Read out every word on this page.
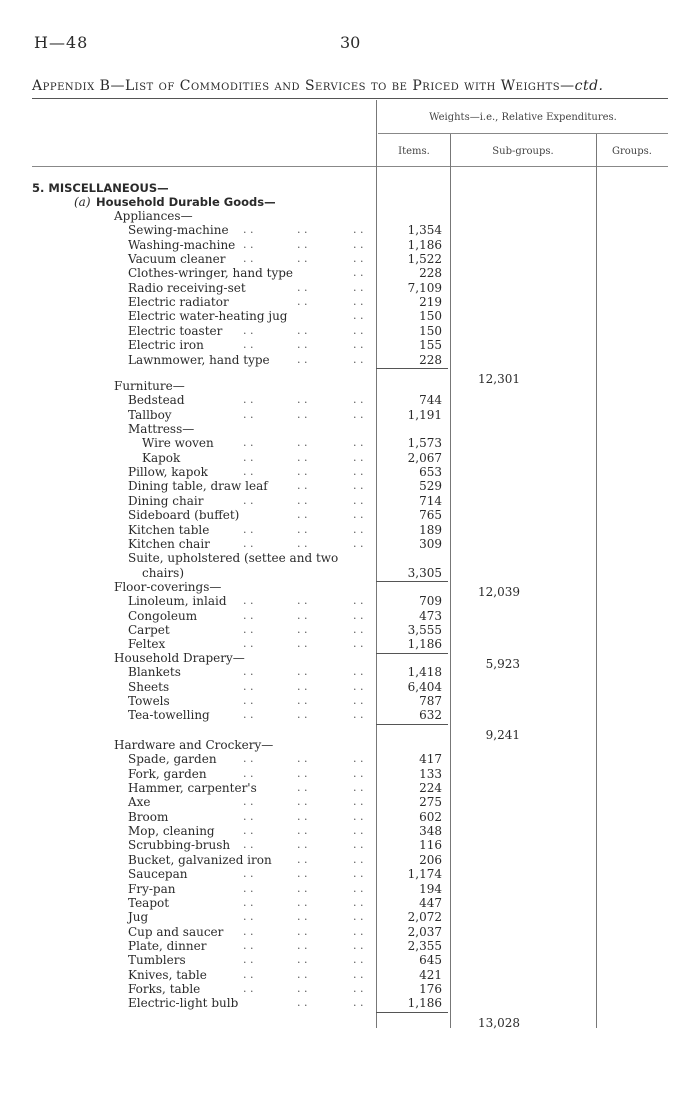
H—48	30
Appendix B—List of Commodities and Services to be Priced with Weights—ctd.
Weights—i.e., Relative Expenditures.
Items.	Sub-groups.	Groups.
5. MISCELLANEOUS—
(a) Household Durable Goods—
Appliances—
Sewing-machine . .	. .	. .	1,354
Washing-machine . .	. .	. .	1,186
Vacuum cleaner . .	. .	. .	1,522
Clothes-wringer, hand type	. .	228
Radio receiving-set	. .	. .	7,109
Electric radiator	. .	. .	219
Electric water-heating jug	. .	150
Electric toaster . .	. .	. .	150
Electric iron	. .	. .	. .	155
Lawnmower, hand type . .	. .	228
12,301
Furniture—
Bedstead	. .	. .	. .	744
Tallboy	. .	. .	. .	1,191
Mattress—
Wire woven	. .	. .	. .	1,573
Kapok	. .	. .	. .	2,067
Pillow, kapok	. .	. .	. .	653
Dining table, draw leaf	. .	. .	529
Dining chair	. .	. .	. .	714
Sideboard (buffet)	. .	. .	765
Kitchen table	. .	. .	. .	189
Kitchen chair	. .	. .	. .	309
Suite, upholstered (settee and two
chairs)	3,305
12,039
Floor-coverings—
Linoleum, inlaid . .	. .	. .	709
Congoleum	. .	. .	. .	473
Carpet	. .	. .	. .	3,555
Feltex	. .	. .	. .	1,186
5,923
Household Drapery—
Blankets	. .	. .	. .	1,418
Sheets	. .	. .	. .	6,404
Towels	. .	. .	. .	787
Tea-towelling	. .	. .	. .	632
9,241
Hardware and Crockery—
Spade, garden . .	. .	. .	417
Fork, garden	. .	. .	. .	133
Hammer, carpenter's	. .	. .	224
Axe	. .	. .	. .	275
Broom	. .	. .	. .	602
Mop, cleaning	. .	. .	. .	348
Scrubbing-brush . .	. .	. .	116
Bucket, galvanized iron . .	. .	206
Saucepan	. .	. .	. .	1,174
Fry-pan	. .	. .	. .	194
Teapot	. .	. .	. .	447
Jug	. .	. .	. .	2,072
Cup and saucer . .	. .	. .	2,037
Plate, dinner	. .	. .	. .	2,355
Tumblers	. .	. .	. .	645
Knives, table	. .	. .	. .	421
Forks, table	. .	. .	. .	176
Electric-light bulb	. .	. .	1,186
13,028
